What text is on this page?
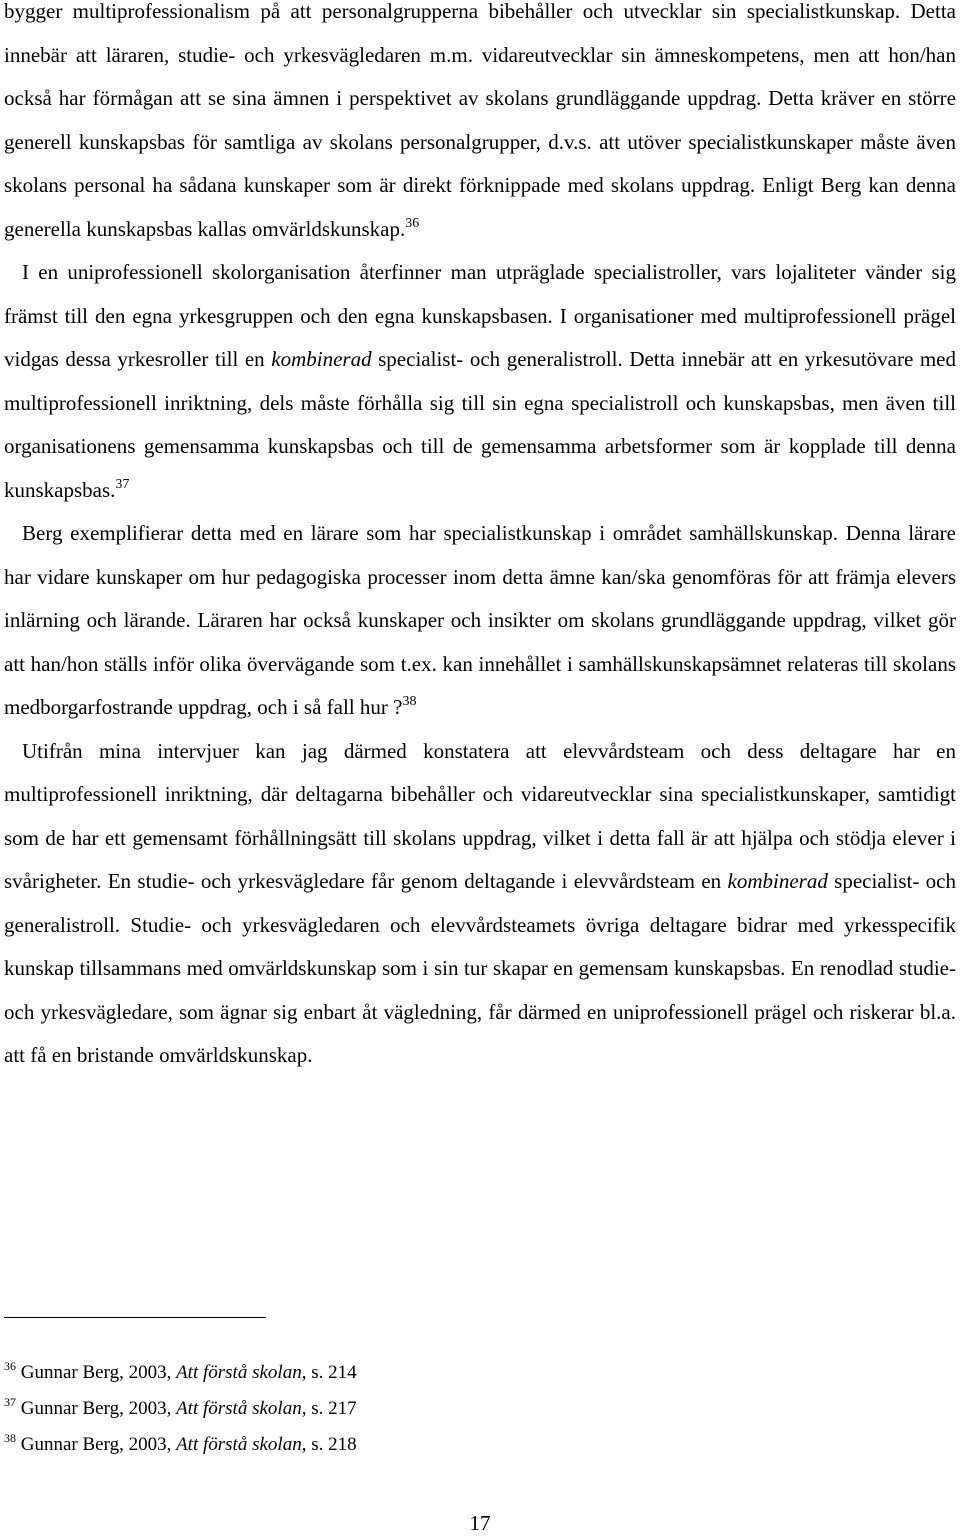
bygger multiprofessionalism på att personalgrupperna bibehåller och utvecklar sin specialistkunskap. Detta innebär att läraren, studie- och yrkesvägledaren m.m. vidareutvecklar sin ämneskompetens, men att hon/han också har förmågan att se sina ämnen i perspektivet av skolans grundläggande uppdrag. Detta kräver en större generell kunskapsbas för samtliga av skolans personalgrupper, d.v.s. att utöver specialistkunskaper måste även skolans personal ha sådana kunskaper som är direkt förknippade med skolans uppdrag. Enligt Berg kan denna generella kunskapsbas kallas omvärldskunskap.$^{36}$

I en uniprofessionell skolorganisation återfinner man utpräglade specialistroller, vars lojaliteter vänder sig främst till den egna yrkesgruppen och den egna kunskapsbasen. I organisationer med multiprofessionell prägel vidgas dessa yrkesroller till en kombinerad specialist- och generalistroll. Detta innebär att en yrkesutövare med multiprofessionell inriktning, dels måste förhålla sig till sin egna specialistroll och kunskapsbas, men även till organisationens gemensamma kunskapsbas och till de gemensamma arbetsformer som är kopplade till denna kunskapsbas.$^{37}$

Berg exemplifierar detta med en lärare som har specialistkunskap i området samhällskunskap. Denna lärare har vidare kunskaper om hur pedagogiska processer inom detta ämne kan/ska genomföras för att främja elevers inlärning och lärande. Läraren har också kunskaper och insikter om skolans grundläggande uppdrag, vilket gör att han/hon ställs inför olika övervägande som t.ex. kan innehållet i samhällskunskapsämnet relateras till skolans medborgarfostrande uppdrag, och i så fall hur ?$^{38}$

Utifrån mina intervjuer kan jag därmed konstatera att elevvårdsteam och dess deltagare har en multiprofessionell inriktning, där deltagarna bibehåller och vidareutvecklar sina specialistkunskaper, samtidigt som de har ett gemensamt förhållningsätt till skolans uppdrag, vilket i detta fall är att hjälpa och stödja elever i svårigheter. En studie- och yrkesvägledare får genom deltagande i elevvårdsteam en kombinerad specialist- och generalistroll. Studie- och yrkesvägledaren och elevvårdsteamets övriga deltagare bidrar med yrkesspecifik kunskap tillsammans med omvärldskunskap som i sin tur skapar en gemensam kunskapsbas. En renodlad studie- och yrkesvägledare, som ägnar sig enbart åt vägledning, får därmed en uniprofessionell prägel och riskerar bl.a. att få en bristande omvärldskunskap.

$^{36}$ Gunnar Berg, 2003, Att förstå skolan, s. 214

$^{37}$ Gunnar Berg, 2003, Att förstå skolan, s. 217

$^{38}$ Gunnar Berg, 2003, Att förstå skolan, s. 218

17
